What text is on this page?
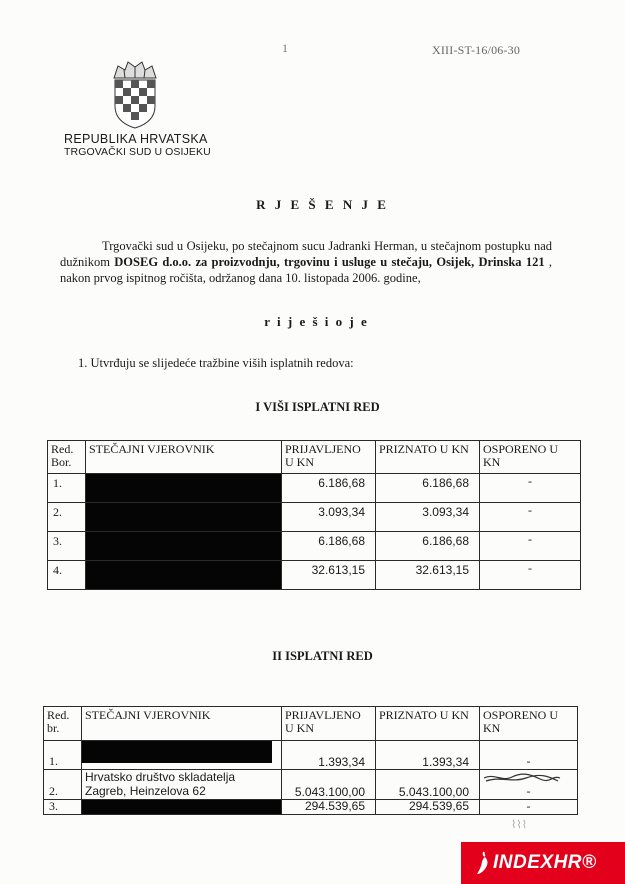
1	XIII-ST-16/06-30
REPUBLIKA HRVATSKA
TRGOVAČKI SUD U OSIJEKU
R J E Š E N J E
Trgovački sud u Osijeku, po stečajnom sucu Jadranki Herman, u stečajnom postupku nad dužnikom DOSEG d.o.o. za proizvodnju, trgovinu i usluge u stečaju, Osijek, Drinska 121 , nakon prvog ispitnog ročišta, održanog dana 10. listopada 2006. godine,
r i j e š i o j e
1. Utvrđuju se slijedeće tražbine viših isplatnih redova:
I VIŠI ISPLATNI RED
Red. Bor.	STEČAJNI VJEROVNIK	PRIJAVLJENO U KN	PRIZNATO U KN	OSPORENO U KN
1.		6.186,68	6.186,68	-
2.		3.093,34	3.093,34	-
3.		6.186,68	6.186,68	-
4.		32.613,15	32.613,15	-
II ISPLATNI RED
Red. br.	STEČAJNI VJEROVNIK	PRIJAVLJENO U KN	PRIZNATO U KN	OSPORENO U KN
1.		1.393,34	1.393,34	-
2.	Hrvatsko društvo skladatelja
Zagreb, Heinzelova 62	5.043.100,00	5.043.100,00	-
3.		294.539,65	294.539,65	-
⌇⌇⌇
INDEXHR®
